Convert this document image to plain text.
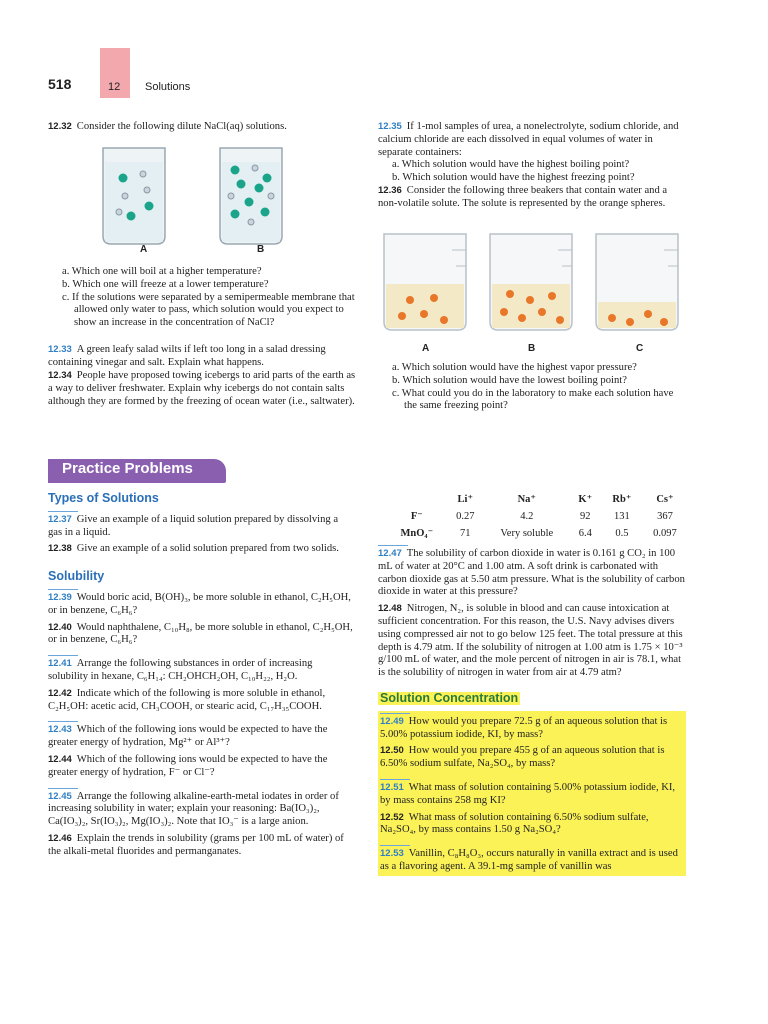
518	12 Solutions

12.32 Consider the following dilute NaCl(aq) solutions.

A	B

a. Which one will boil at a higher temperature?

b. Which one will freeze at a lower temperature?

c. If the solutions were separated by a semipermeable membrane that allowed only water to pass, which solution would you expect to show an increase in the concentration of NaCl?

12.33 A green leafy salad wilts if left too long in a salad dressing containing vinegar and salt. Explain what happens.

12.34 People have proposed towing icebergs to arid parts of the earth as a way to deliver freshwater. Explain why icebergs do not contain salts although they are formed by the freezing of ocean water (i.e., saltwater).

12.35 If 1-mol samples of urea, a nonelectrolyte, sodium chloride, and calcium chloride are each dissolved in equal volumes of water in separate containers:

a. Which solution would have the highest boiling point?

b. Which solution would have the highest freezing point?

12.36 Consider the following three beakers that contain water and a non-volatile solute. The solute is represented by the orange spheres.

A	B	C

a. Which solution would have the highest vapor pressure?

b. Which solution would have the lowest boiling point?

c. What could you do in the laboratory to make each solution have the same freezing point?

Practice Problems
Types of Solutions

12.37 Give an example of a liquid solution prepared by dissolving a gas in a liquid.

12.38 Give an example of a solid solution prepared from two solids.

Solubility

12.39 Would boric acid, B(OH)₃, be more soluble in ethanol, C₂H₅OH, or in benzene, C₆H₆?

12.40 Would naphthalene, C₁₀H₈, be more soluble in ethanol, C₂H₅OH, or in benzene, C₆H₆?

12.41 Arrange the following substances in order of increasing solubility in hexane, C₆H₁₄: CH₂OHCH₂OH, C₁₀H₂₂, H₂O.

12.42 Indicate which of the following is more soluble in ethanol, C₂H₅OH: acetic acid, CH₃COOH, or stearic acid, C₁₇H₃₅COOH.

12.43 Which of the following ions would be expected to have the greater energy of hydration, Mg²⁺ or Al³⁺?

12.44 Which of the following ions would be expected to have the greater energy of hydration, F⁻ or Cl⁻?

12.45 Arrange the following alkaline-earth-metal iodates in order of increasing solubility in water; explain your reasoning: Ba(IO₃)₂, Ca(IO₃)₂, Sr(IO₃)₂, Mg(IO₃)₂. Note that IO₃⁻ is a large anion.

12.46 Explain the trends in solubility (grams per 100 mL of water) of the alkali-metal fluorides and permanganates.

	Li⁺	Na⁺	K⁺	Rb⁺	Cs⁺
F⁻	0.27	4.2	92	131	367
MnO₄⁻	71	Very soluble	6.4	0.5	0.097

12.47 The solubility of carbon dioxide in water is 0.161 g CO₂ in 100 mL of water at 20°C and 1.00 atm. A soft drink is carbonated with carbon dioxide gas at 5.50 atm pressure. What is the solubility of carbon dioxide in water at this pressure?

12.48 Nitrogen, N₂, is soluble in blood and can cause intoxication at sufficient concentration. For this reason, the U.S. Navy advises divers using compressed air not to go below 125 feet. The total pressure at this depth is 4.79 atm. If the solubility of nitrogen at 1.00 atm is 1.75 × 10⁻³ g/100 mL of water, and the mole percent of nitrogen in air is 78.1, what is the solubility of nitrogen in water from air at 4.79 atm?

Solution Concentration

12.49 How would you prepare 72.5 g of an aqueous solution that is 5.00% potassium iodide, KI, by mass?

12.50 How would you prepare 455 g of an aqueous solution that is 6.50% sodium sulfate, Na₂SO₄, by mass?

12.51 What mass of solution containing 5.00% potassium iodide, KI, by mass contains 258 mg KI?

12.52 What mass of solution containing 6.50% sodium sulfate, Na₂SO₄, by mass contains 1.50 g Na₂SO₄?

12.53 Vanillin, C₈H₈O₃, occurs naturally in vanilla extract and is used as a flavoring agent. A 39.1-mg sample of vanillin was
